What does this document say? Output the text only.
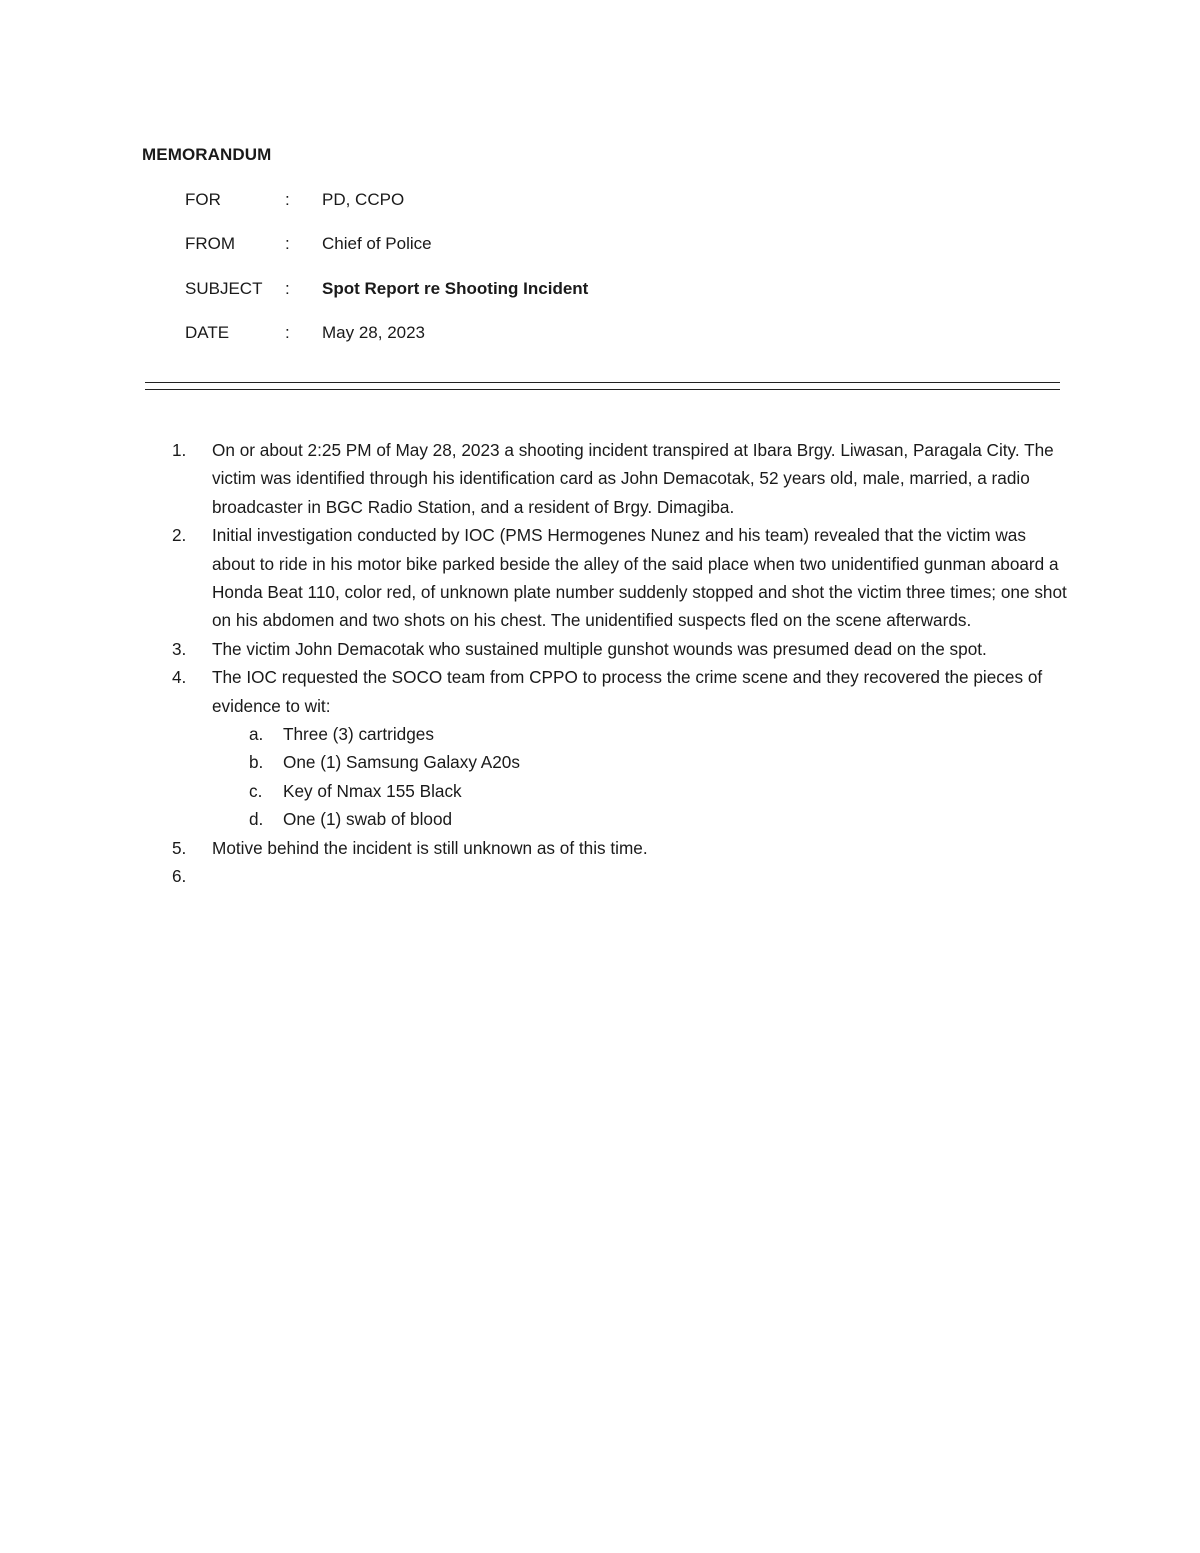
MEMORANDUM
FOR	: PD, CCPO
FROM	: Chief of Police
SUBJECT : Spot Report re Shooting Incident
DATE	: May 28, 2023
1. On or about 2:25 PM of May 28, 2023 a shooting incident transpired at Ibara Brgy. Liwasan, Paragala City. The victim was identified through his identification card as John Demacotak, 52 years old, male, married, a radio broadcaster in BGC Radio Station, and a resident of Brgy. Dimagiba.
2. Initial investigation conducted by IOC (PMS Hermogenes Nunez and his team) revealed that the victim was about to ride in his motor bike parked beside the alley of the said place when two unidentified gunman aboard a Honda Beat 110, color red, of unknown plate number suddenly stopped and shot the victim three times; one shot on his abdomen and two shots on his chest. The unidentified suspects fled on the scene afterwards.
3. The victim John Demacotak who sustained multiple gunshot wounds was presumed dead on the spot.
4. The IOC requested the SOCO team from CPPO to process the crime scene and they recovered the pieces of evidence to wit:
a. Three (3) cartridges
b. One (1) Samsung Galaxy A20s
c. Key of Nmax 155 Black
d. One (1) swab of blood
5. Motive behind the incident is still unknown as of this time.
6.
